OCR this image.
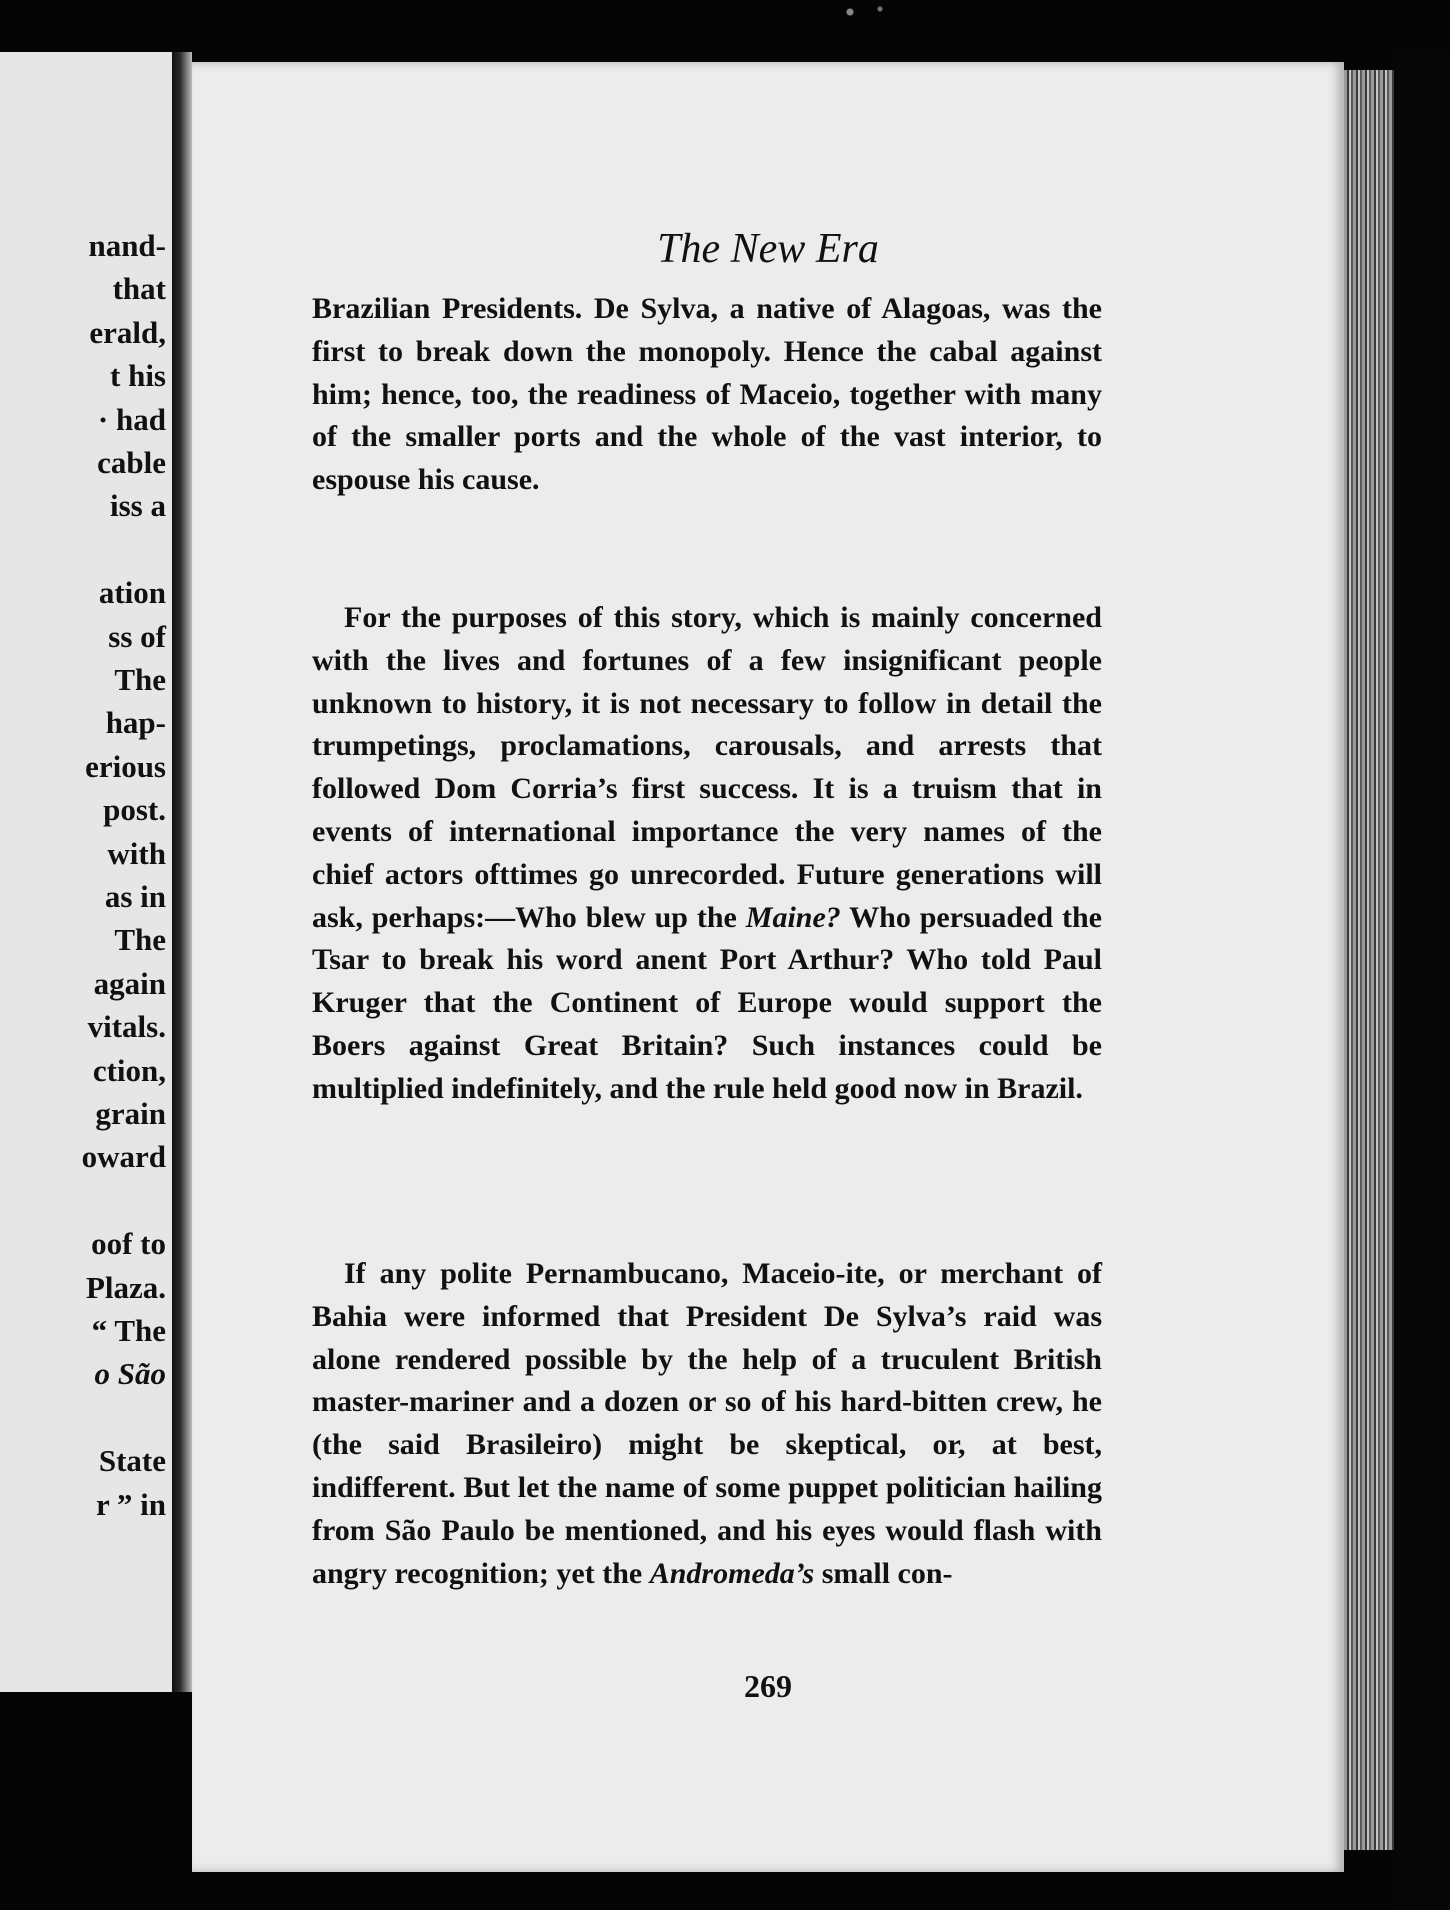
nand-
that
erald,
t his
· had
cable
iss a
ation
ss of
The
hap-
erious
post.
with
as in
The
again
vitals.
ction,
grain
oward
oof to
Plaza.
“ The
o São
State
r ” in
The New Era

Brazilian Presidents. De Sylva, a native of Alagoas, was the first to break down the monopoly. Hence the cabal against him; hence, too, the readiness of Maceio, together with many of the smaller ports and the whole of the vast interior, to espouse his cause.

For the purposes of this story, which is mainly concerned with the lives and fortunes of a few insignificant people unknown to history, it is not necessary to follow in detail the trumpetings, proclamations, carousals, and arrests that followed Dom Corria’s first success. It is a truism that in events of international importance the very names of the chief actors ofttimes go unrecorded. Future generations will ask, perhaps:—Who blew up the Maine? Who persuaded the Tsar to break his word anent Port Arthur? Who told Paul Kruger that the Continent of Europe would support the Boers against Great Britain? Such instances could be multiplied indefinitely, and the rule held good now in Brazil.

If any polite Pernambucano, Maceio-ite, or merchant of Bahia were informed that President De Sylva’s raid was alone rendered possible by the help of a truculent British master-mariner and a dozen or so of his hard-bitten crew, he (the said Brasileiro) might be skeptical, or, at best, indifferent. But let the name of some puppet politician hailing from São Paulo be mentioned, and his eyes would flash with angry recognition; yet the Andromeda’s small con-

269
